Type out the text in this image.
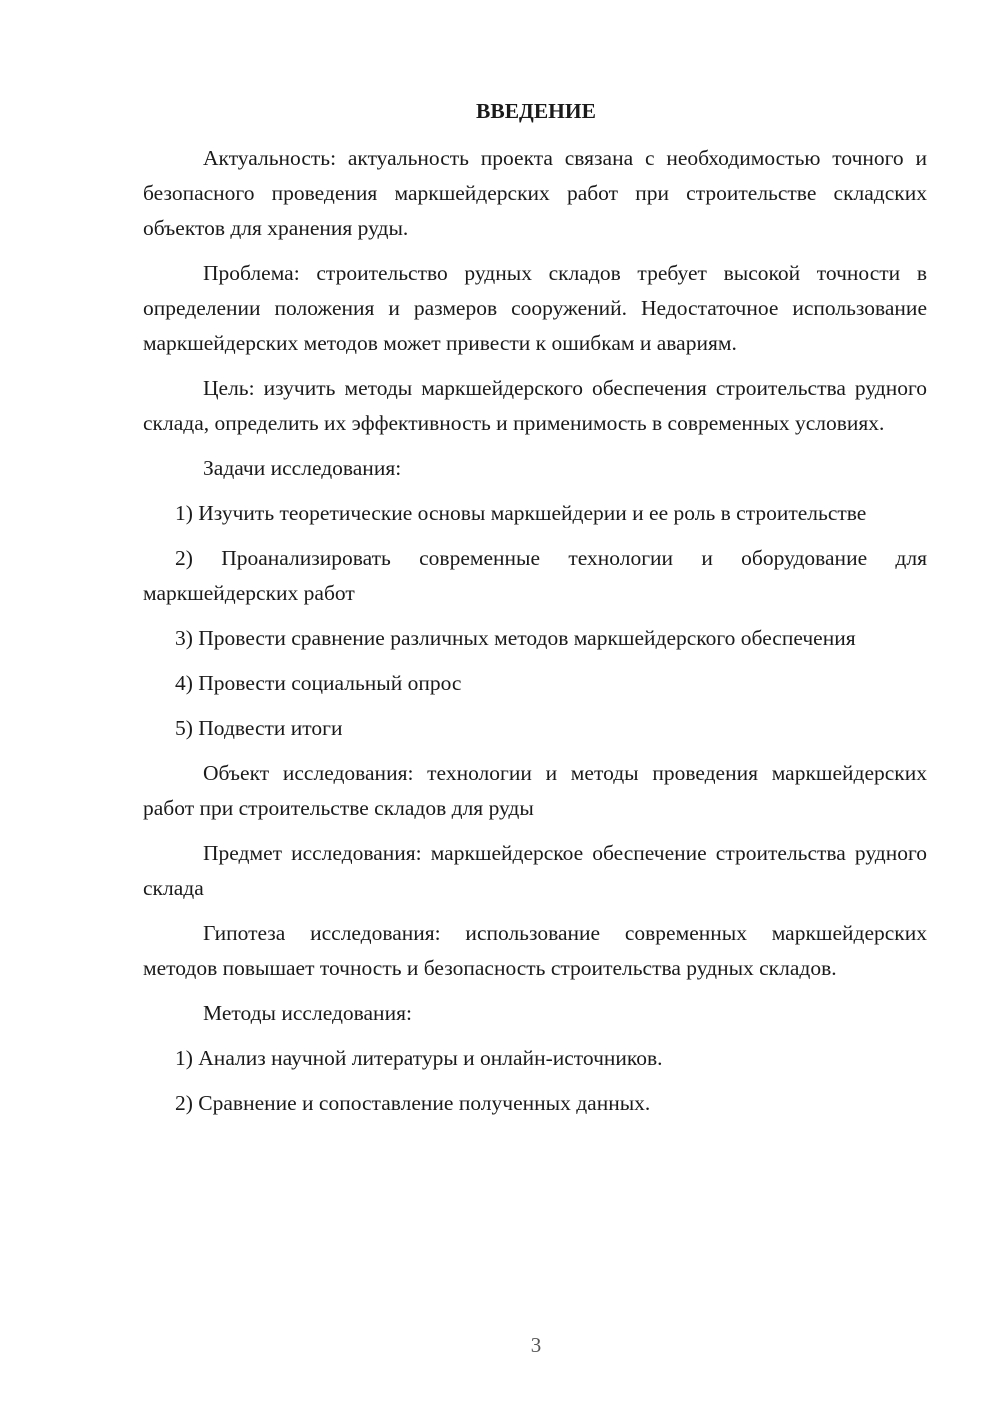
ВВЕДЕНИЕ

Актуальность: актуальность проекта связана с необходимостью точного и безопасного проведения маркшейдерских работ при строительстве складских объектов для хранения руды.

Проблема: строительство рудных складов требует высокой точности в определении положения и размеров сооружений. Недостаточное использование маркшейдерских методов может привести к ошибкам и авариям.

Цель: изучить методы маркшейдерского обеспечения строительства рудного склада, определить их эффективность и применимость в современных условиях.

Задачи исследования:

1) Изучить теоретические основы маркшейдерии и ее роль в строительстве

2) Проанализировать современные технологии и оборудование для маркшейдерских работ

3) Провести сравнение различных методов маркшейдерского обеспечения

4) Провести социальный опрос

5) Подвести итоги

Объект исследования: технологии и методы проведения маркшейдерских работ при строительстве складов для руды

Предмет исследования: маркшейдерское обеспечение строительства рудного склада

Гипотеза исследования: использование современных маркшейдерских методов повышает точность и безопасность строительства рудных складов.

Методы исследования:

1) Анализ научной литературы и онлайн-источников.

2) Сравнение и сопоставление полученных данных.

3
